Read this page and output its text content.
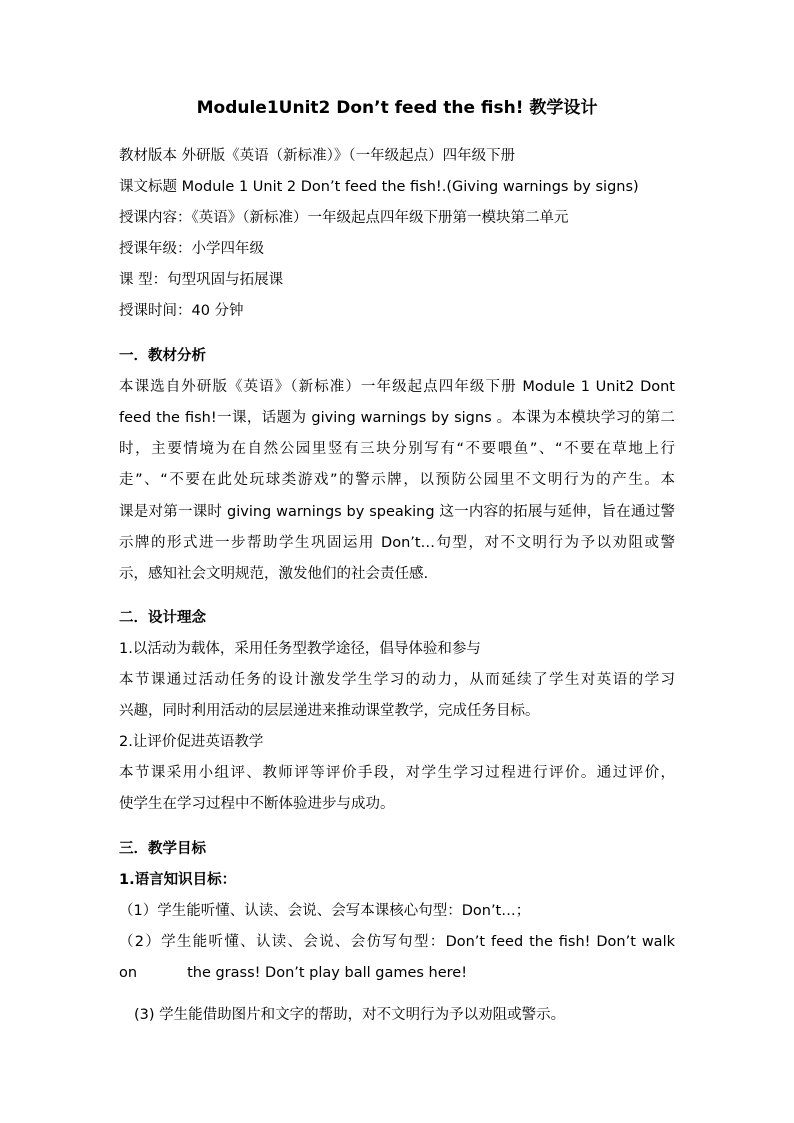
Module1Unit2 Don’t feed the fish! 教学设计
教材版本 外研版《英语（新标准）》（一年级起点）四年级下册
课文标题 Module 1 Unit 2 Don’t feed the fish!.(Giving warnings by signs)
授课内容：《英语》（新标准）一年级起点四年级下册第一模块第二单元
授课年级：小学四年级
课 型：句型巩固与拓展课
授课时间：40 分钟
一．教材分析
本课选自外研版《英语》（新标准）一年级起点四年级下册 Module 1 Unit2 Dont
feed the fish!一课，话题为 giving warnings by signs 。本课为本模块学习的第二
时，主要情境为在自然公园里竖有三块分别写有“不要喂鱼”、“不要在草地上行
走”、“不要在此处玩球类游戏”的警示牌，以预防公园里不文明行为的产生。本
课是对第一课时 giving warnings by speaking 这一内容的拓展与延伸，旨在通过警
示牌的形式进一步帮助学生巩固运用 Don’t…句型，对不文明行为予以劝阻或警
示，感知社会文明规范，激发他们的社会责任感.
二．设计理念
1.以活动为载体，采用任务型教学途径，倡导体验和参与
本节课通过活动任务的设计激发学生学习的动力，从而延续了学生对英语的学习
兴趣，同时利用活动的层层递进来推动课堂教学，完成任务目标。
2.让评价促进英语教学
本节课采用小组评、教师评等评价手段，对学生学习过程进行评价。通过评价，
使学生在学习过程中不断体验进步与成功。
三．教学目标
1.语言知识目标：
（1）学生能听懂、认读、会说、会写本课核心句型：Don’t…；
（2）学生能听懂、认读、会说、会仿写句型：Don’t feed the fish! Don’t walk
on	the grass! Don’t play ball games here!
(3) 学生能借助图片和文字的帮助，对不文明行为予以劝阻或警示。
